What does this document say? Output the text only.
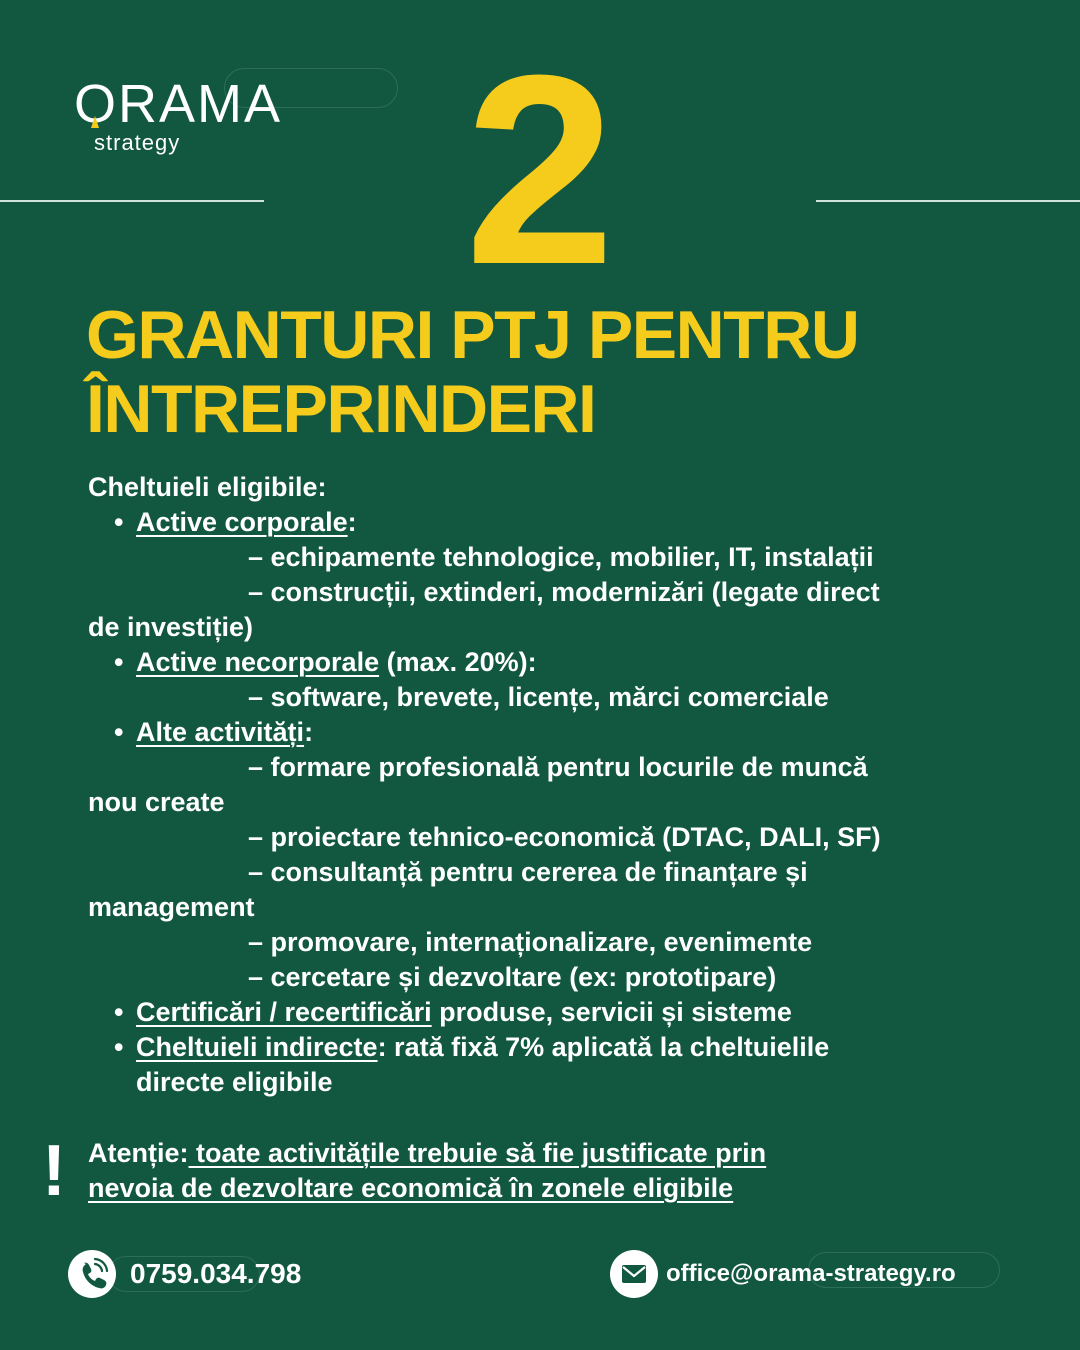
ORAMA
strategy 2
GRANTURI PTJ PENTRU
ÎNTREPRINDERI
Cheltuieli eligibile:
• Active corporale:
– echipamente tehnologice, mobilier, IT, instalații
– construcții, extinderi, modernizări (legate direct
de investiție)
• Active necorporale (max. 20%):
– software, brevete, licențe, mărci comerciale
• Alte activități:
– formare profesională pentru locurile de muncă
nou create
– proiectare tehnico-economică (DTAC, DALI, SF)
– consultanță pentru cererea de finanțare și
management
– promovare, internaționalizare, evenimente
– cercetare și dezvoltare (ex: prototipare)
• Certificări / recertificări produse, servicii și sisteme
• Cheltuieli indirecte: rată fixă 7% aplicată la cheltuielile
directe eligibile
! Atenție: toate activitățile trebuie să fie justificate prin
nevoia de dezvoltare economică în zonele eligibile
0759.034.798	office@orama-strategy.ro
